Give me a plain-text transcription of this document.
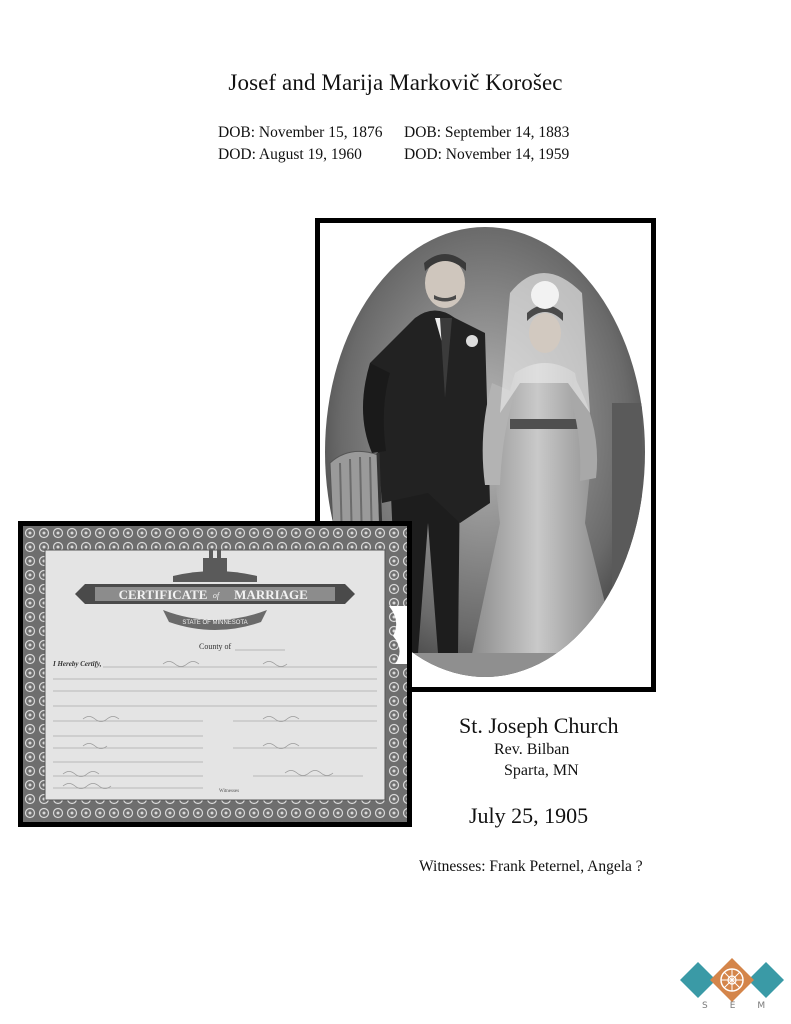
Josef and Marija Markovič Korošec
DOB: November 15, 1876
DOD: August 19, 1960
DOB: September 14, 1883
DOD: November 14, 1959
CERTIFICATE of MARRIAGE
STATE OF MINNESOTA
County of
I Hereby Certify,
Witnesses
St. Joseph Church
Rev. Bilban
Sparta, MN
July 25, 1905
Witnesses: Frank Peternel, Angela ?
SEM
